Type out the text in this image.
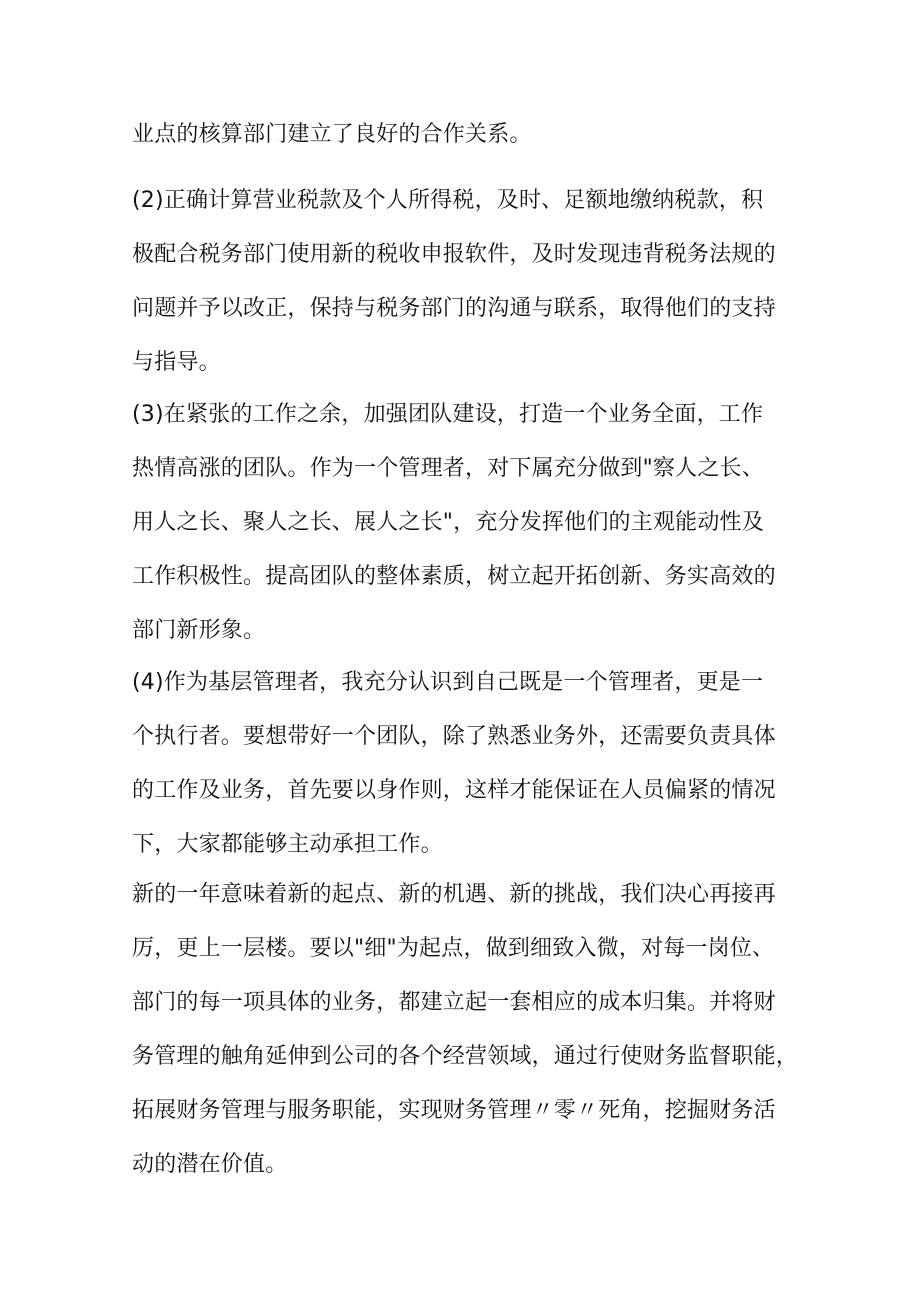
业点的核算部门建立了良好的合作关系。

(2)正确计算营业税款及个人所得税，及时、足额地缴纳税款，积
极配合税务部门使用新的税收申报软件，及时发现违背税务法规的
问题并予以改正，保持与税务部门的沟通与联系，取得他们的支持
与指导。

(3)在紧张的工作之余，加强团队建设，打造一个业务全面，工作
热情高涨的团队。作为一个管理者，对下属充分做到"察人之长、
用人之长、聚人之长、展人之长"，充分发挥他们的主观能动性及
工作积极性。提高团队的整体素质，树立起开拓创新、务实高效的
部门新形象。

(4)作为基层管理者，我充分认识到自己既是一个管理者，更是一
个执行者。要想带好一个团队，除了熟悉业务外，还需要负责具体
的工作及业务，首先要以身作则，这样才能保证在人员偏紧的情况
下，大家都能够主动承担工作。

新的一年意味着新的起点、新的机遇、新的挑战，我们决心再接再
厉，更上一层楼。要以"细"为起点，做到细致入微，对每一岗位、
部门的每一项具体的业务，都建立起一套相应的成本归集。并将财
务管理的触角延伸到公司的各个经营领域，通过行使财务监督职能，
拓展财务管理与服务职能，实现财务管理〃零〃死角，挖掘财务活
动的潜在价值。
